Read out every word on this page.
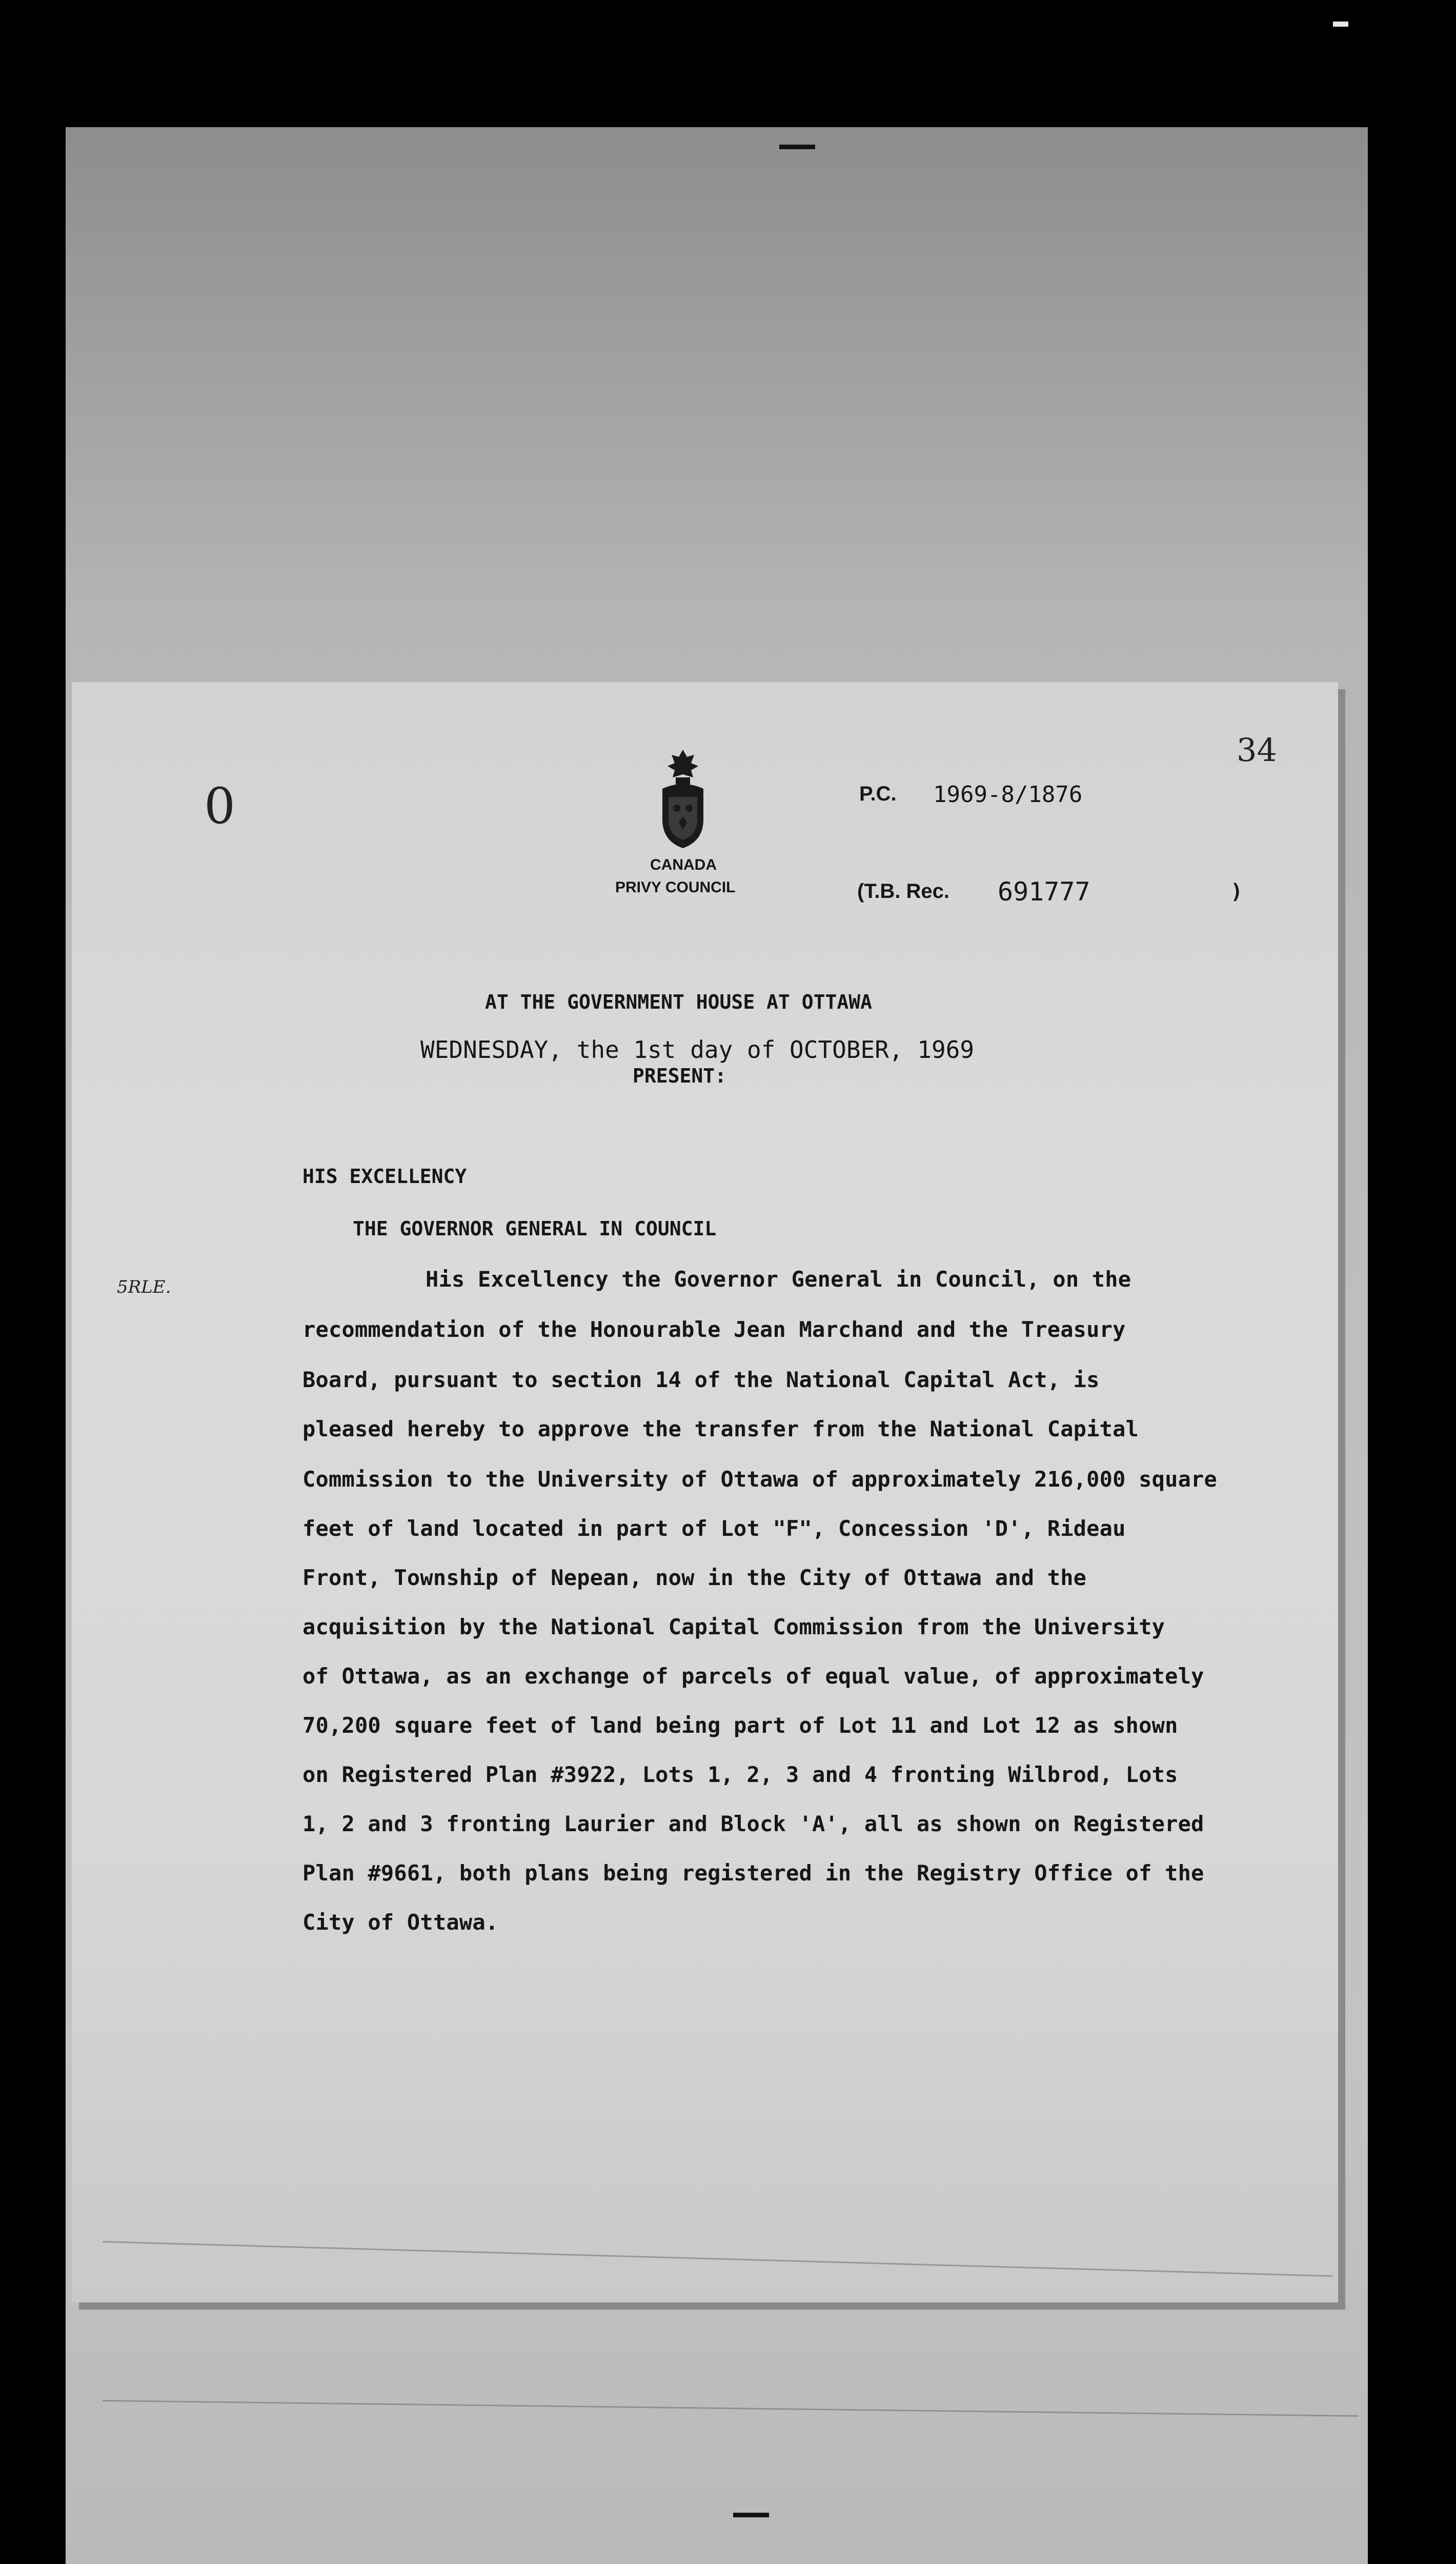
34
0
5RLE.
CANADA
PRIVY COUNCIL
P.C. 1969-8/1876
(T.B. Rec. 691777	)
AT THE GOVERNMENT HOUSE AT OTTAWA
WEDNESDAY, the 1st day of OCTOBER, 1969
PRESENT:
HIS EXCELLENCY
THE GOVERNOR GENERAL IN COUNCIL
His Excellency the Governor General in Council, on the
recommendation of the Honourable Jean Marchand and the Treasury
Board, pursuant to section 14 of the National Capital Act, is
pleased hereby to approve the transfer from the National Capital
Commission to the University of Ottawa of approximately 216,000 square
feet of land located in part of Lot "F", Concession 'D', Rideau
Front, Township of Nepean, now in the City of Ottawa and the
acquisition by the National Capital Commission from the University
of Ottawa, as an exchange of parcels of equal value, of approximately
70,200 square feet of land being part of Lot 11 and Lot 12 as shown
on Registered Plan #3922, Lots 1, 2, 3 and 4 fronting Wilbrod, Lots
1, 2 and 3 fronting Laurier and Block 'A', all as shown on Registered
Plan #9661, both plans being registered in the Registry Office of the
City of Ottawa.
